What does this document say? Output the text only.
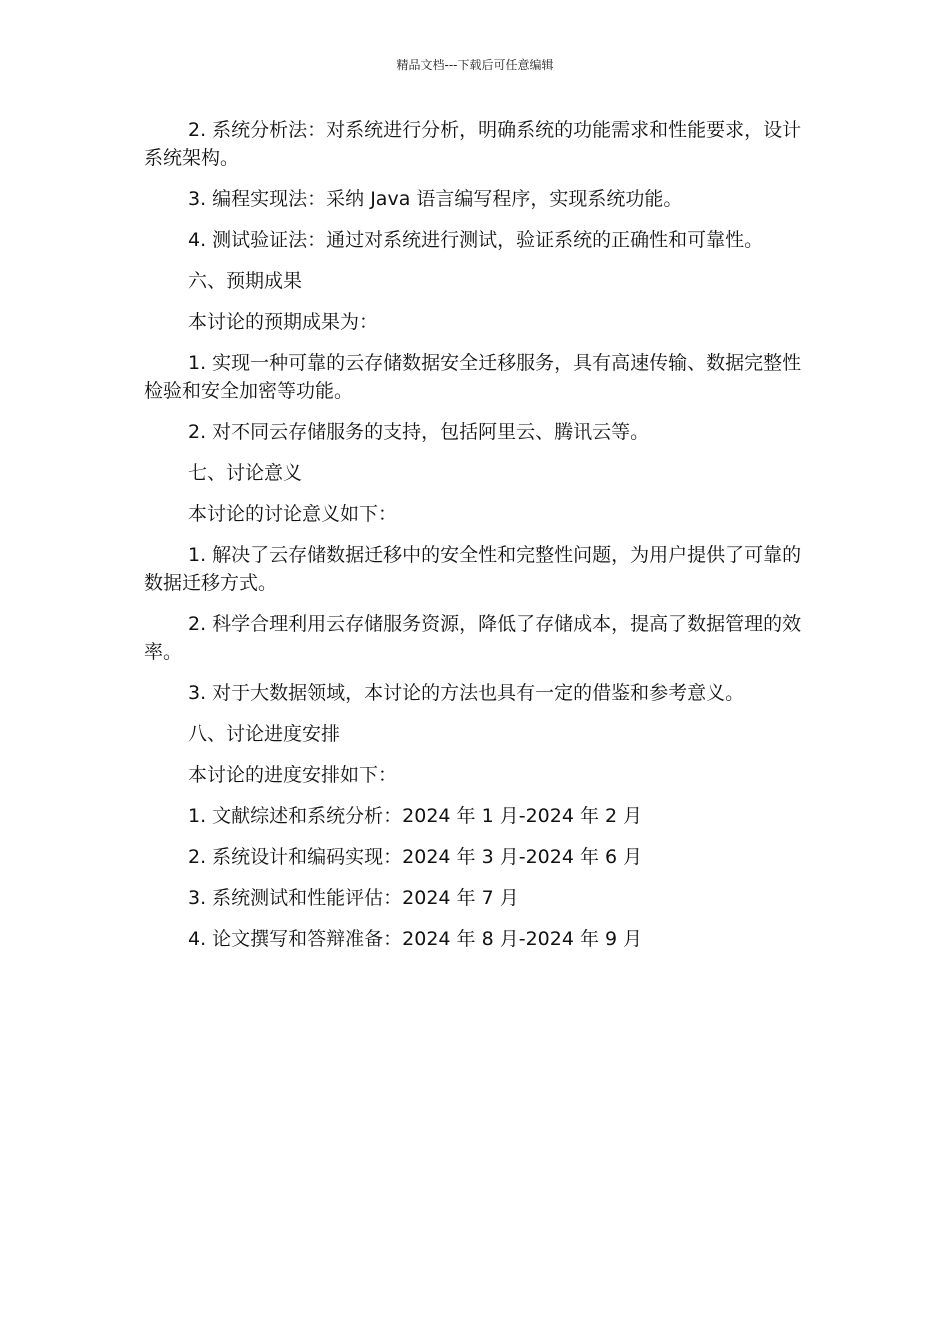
精品文档---下载后可任意编辑

2. 系统分析法：对系统进行分析，明确系统的功能需求和性能要求，设计系统架构。

3. 编程实现法：采纳 Java 语言编写程序，实现系统功能。

4. 测试验证法：通过对系统进行测试，验证系统的正确性和可靠性。

六、预期成果

本讨论的预期成果为：

1. 实现一种可靠的云存储数据安全迁移服务，具有高速传输、数据完整性检验和安全加密等功能。

2. 对不同云存储服务的支持，包括阿里云、腾讯云等。

七、讨论意义

本讨论的讨论意义如下：

1. 解决了云存储数据迁移中的安全性和完整性问题，为用户提供了可靠的数据迁移方式。

2. 科学合理利用云存储服务资源，降低了存储成本，提高了数据管理的效率。

3. 对于大数据领域，本讨论的方法也具有一定的借鉴和参考意义。

八、讨论进度安排

本讨论的进度安排如下：

1. 文献综述和系统分析：2024 年 1 月-2024 年 2 月

2. 系统设计和编码实现：2024 年 3 月-2024 年 6 月

3. 系统测试和性能评估：2024 年 7 月

4. 论文撰写和答辩准备：2024 年 8 月-2024 年 9 月
